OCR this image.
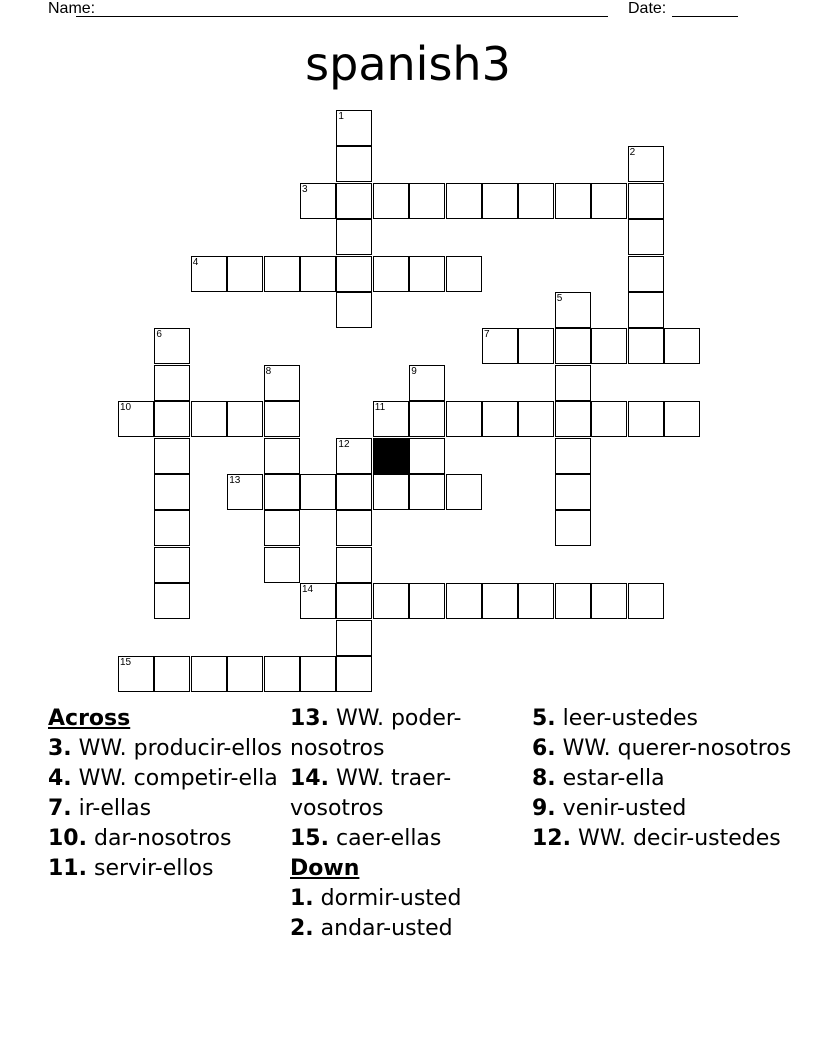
Name:	Date:
spanish3
3
4
7
10	11
13
14
15
1
2
5
6
8	9
12
Across
3. WW. producir-ellos
4. WW. competir-ella
7. ir-ellas
10. dar-nosotros
11. servir-ellos
13. WW. poder-nosotros
14. WW. traer-vosotros
15. caer-ellas
Down
1. dormir-usted
2. andar-usted
5. leer-ustedes
6. WW. querer-nosotros
8. estar-ella
9. venir-usted
12. WW. decir-ustedes
